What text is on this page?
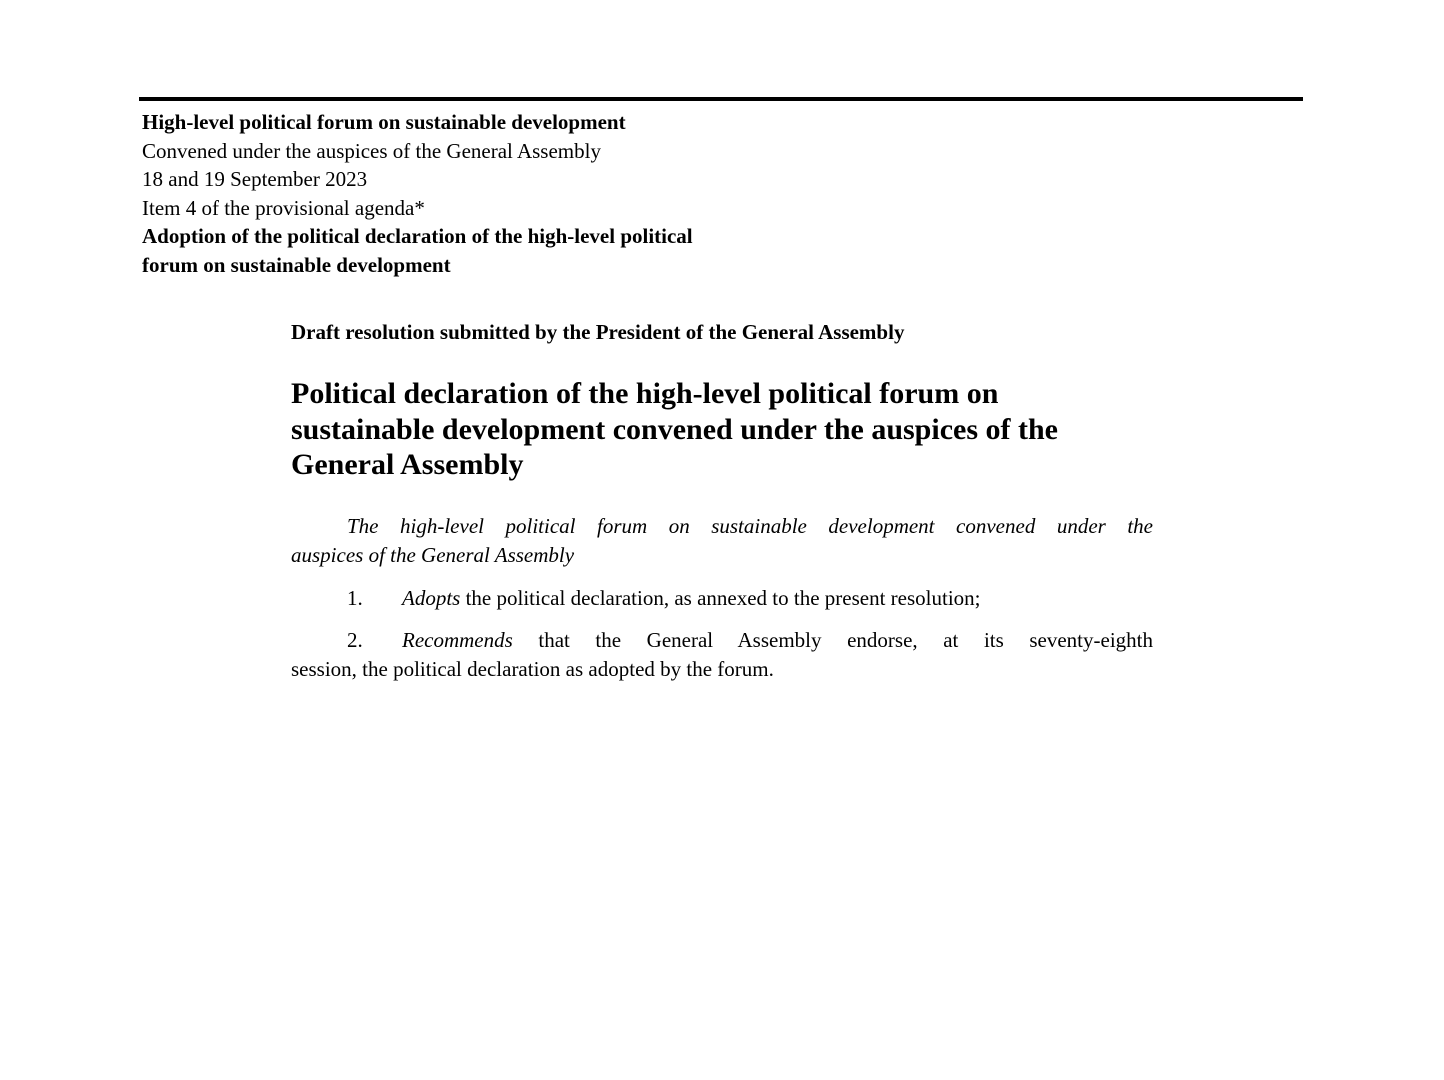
High-level political forum on sustainable development
Convened under the auspices of the General Assembly
18 and 19 September 2023
Item 4 of the provisional agenda*
Adoption of the political declaration of the high-level political
forum on sustainable development
Draft resolution submitted by the President of the General Assembly
Political declaration of the high-level political forum on
sustainable development convened under the auspices of the
General Assembly
The high-level political forum on sustainable development convened under the
auspices of the General Assembly
1. Adopts the political declaration, as annexed to the present resolution;
2. Recommends that the General Assembly endorse, at its seventy-eighth
session, the political declaration as adopted by the forum.
